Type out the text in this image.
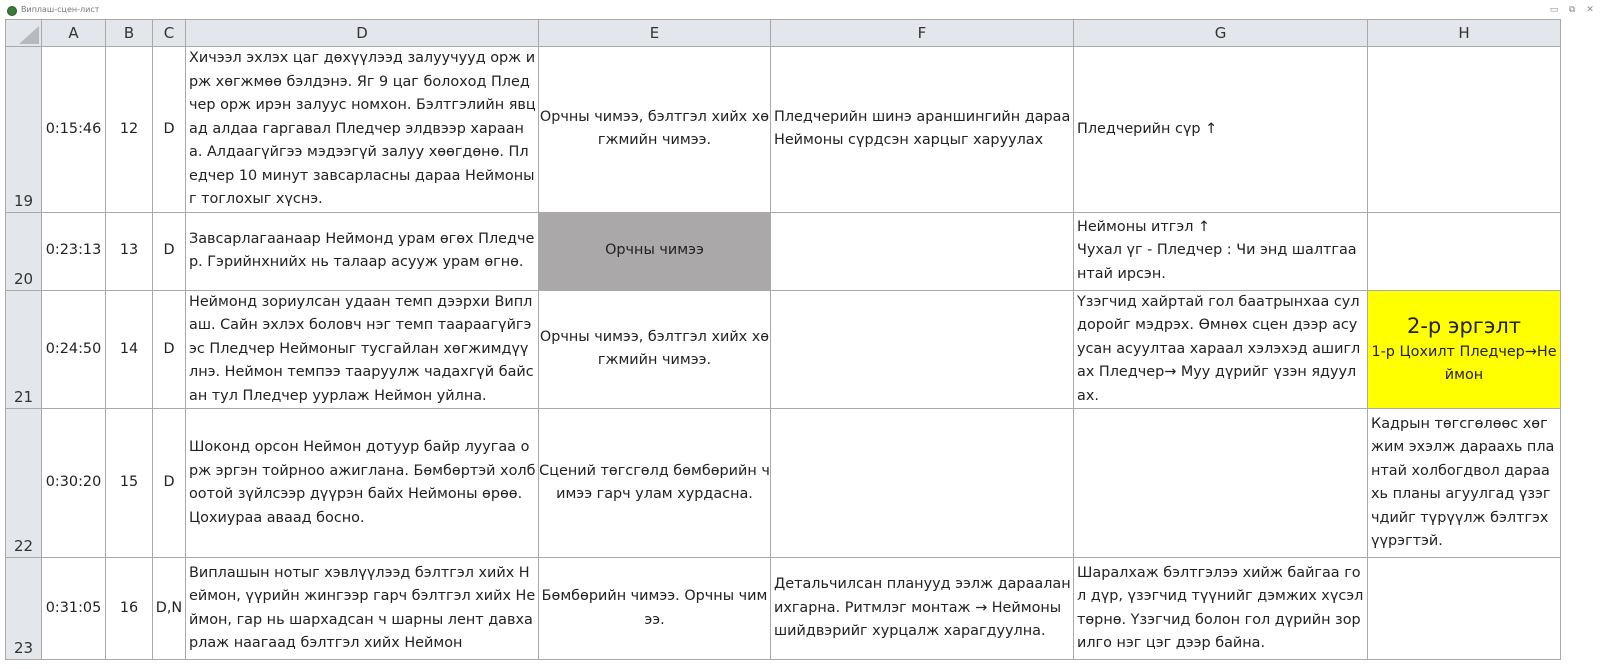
Виплаш-сцен-лист	▭	⧉	✕
	A	B	C	D	E	F	G	H
19	0:15:46	12	D	Хичээл эхлэх цаг дөхүүлээд залуучууд орж ирж хөгжмөө бэлдэнэ. Яг 9 цаг болоход Пледчер орж ирэн залуус номхон. Бэлтгэлийн явцад алдаа гаргавал Пледчер элдвээр хараана. Алдаагүйгээ мэдээгүй залуу хөөгдөнө. Пледчер 10 минут завсарласны дараа Неймоныг тоглохыг хүснэ.	Орчны чимээ, бэлтгэл хийх хөгжмийн чимээ.	Пледчерийн шинэ араншингийн дараа Неймоны сүрдсэн харцыг харуулах	Пледчерийн сүр ↑	
20	0:23:13	13	D	Завсарлагаанаар Неймонд урам өгөх Пледчер. Гэрийнхнийх нь талаар асууж урам өгнө.	Орчны чимээ		Неймоны итгэл ↑
Чухал үг - Пледчер : Чи энд шалтгаантай ирсэн.	

21	0:24:50	14	D	Неймонд зориулсан удаан темп дээрхи Виплаш. Сайн эхлэх боловч нэг темп таараагүйгээс Пледчер Неймоныг тусгайлан хөгжимдүүлнэ. Неймон темпээ тааруулж чадахгүй байсан тул Пледчер уурлаж Неймон уйлна.	Орчны чимээ, бэлтгэл хийх хөгжмийн чимээ.		Үзэгчид хайртай гол баатрынхаа сул доройг мэдрэх. Өмнөх сцен дээр асуусан асуултаа хараал хэлэхэд ашиглах Пледчер→ Муу дүрийг үзэн ядуулах.	2-р эргэлт
1-р Цохилт Пледчер→Неймон

22	0:30:20	15	D	Шоконд орсон Неймон дотуур байр луугаа орж эргэн тойрноо ажиглана. Бөмбөртэй холбоотой зүйлсээр дүүрэн байх Неймоны өрөө. Цохиураа аваад босно.	Сцений төгсгөлд бөмбөрийн чимээ гарч улам хурдасна.			Кадрын төгсгөлөөс хөгжим эхэлж дараахь плантай холбогдвол дараахь планы агуулгад үзэгчдийг түрүүлж бэлтгэх үүрэгтэй.
23	0:31:05	16	D,N	Виплашын нотыг хэвлүүлээд бэлтгэл хийх Неймон, үүрийн жингээр гарч бэлтгэл хийх Неймон, гар нь шархадсан ч шарны лент давхарлаж наагаад бэлтгэл хийх Неймон	Бөмбөрийн чимээ. Орчны чимээ.	Детальчилсан планууд ээлж дараалан ихгарна. Ритмлэг монтаж → Неймоны шийдвэрийг хурцалж харагдуулна.	Шаралхаж бэлтгэлээ хийж байгаа гол дүр, үзэгчид түүнийг дэмжих хүсэл төрнө. Үзэгчид болон гол дүрийн зорилго нэг цэг дээр байна.	
